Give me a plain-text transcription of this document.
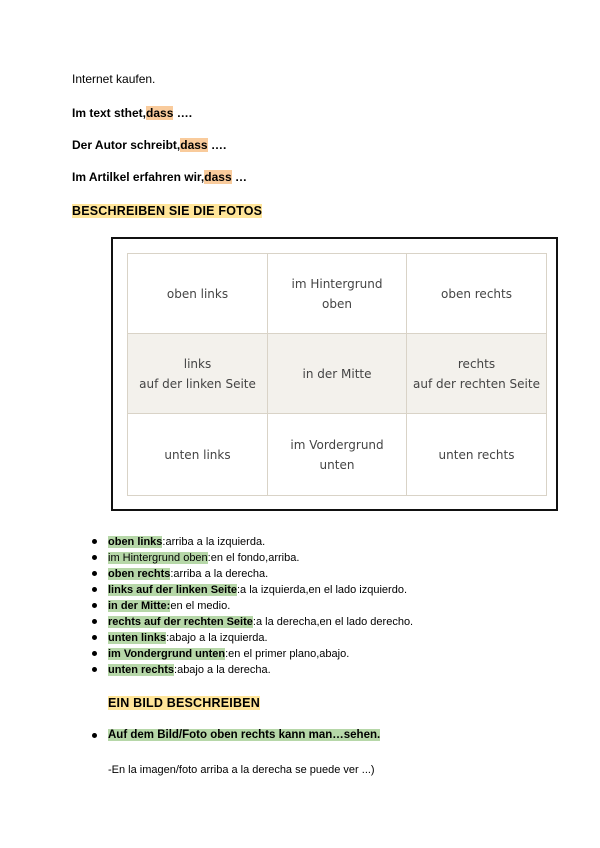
Internet kaufen.
Im text sthet,dass ….
Der Autor schreibt,dass ….
Im Artilkel erfahren wir,dass …
BESCHREIBEN SIE DIE FOTOS
oben links
im Hintergrund
oben
oben rechts
links
auf der linken Seite
in der Mitte
rechts
auf der rechten Seite
unten links
im Vordergrund
unten
unten rechts
oben links:arriba a la izquierda.
im Hintergrund oben:en el fondo,arriba.
oben rechts:arriba a la derecha.
links auf der linken Seite:a la izquierda,en el lado izquierdo.
in der Mitte:en el medio.
rechts auf der rechten Seite:a la derecha,en el lado derecho.
unten links:abajo a la izquierda.
im Vondergrund unten:en el primer plano,abajo.
unten rechts:abajo a la derecha.
EIN BILD BESCHREIBEN
Auf dem Bild/Foto oben rechts kann man…sehen.
-En la imagen/foto arriba a la derecha se puede ver ...)
